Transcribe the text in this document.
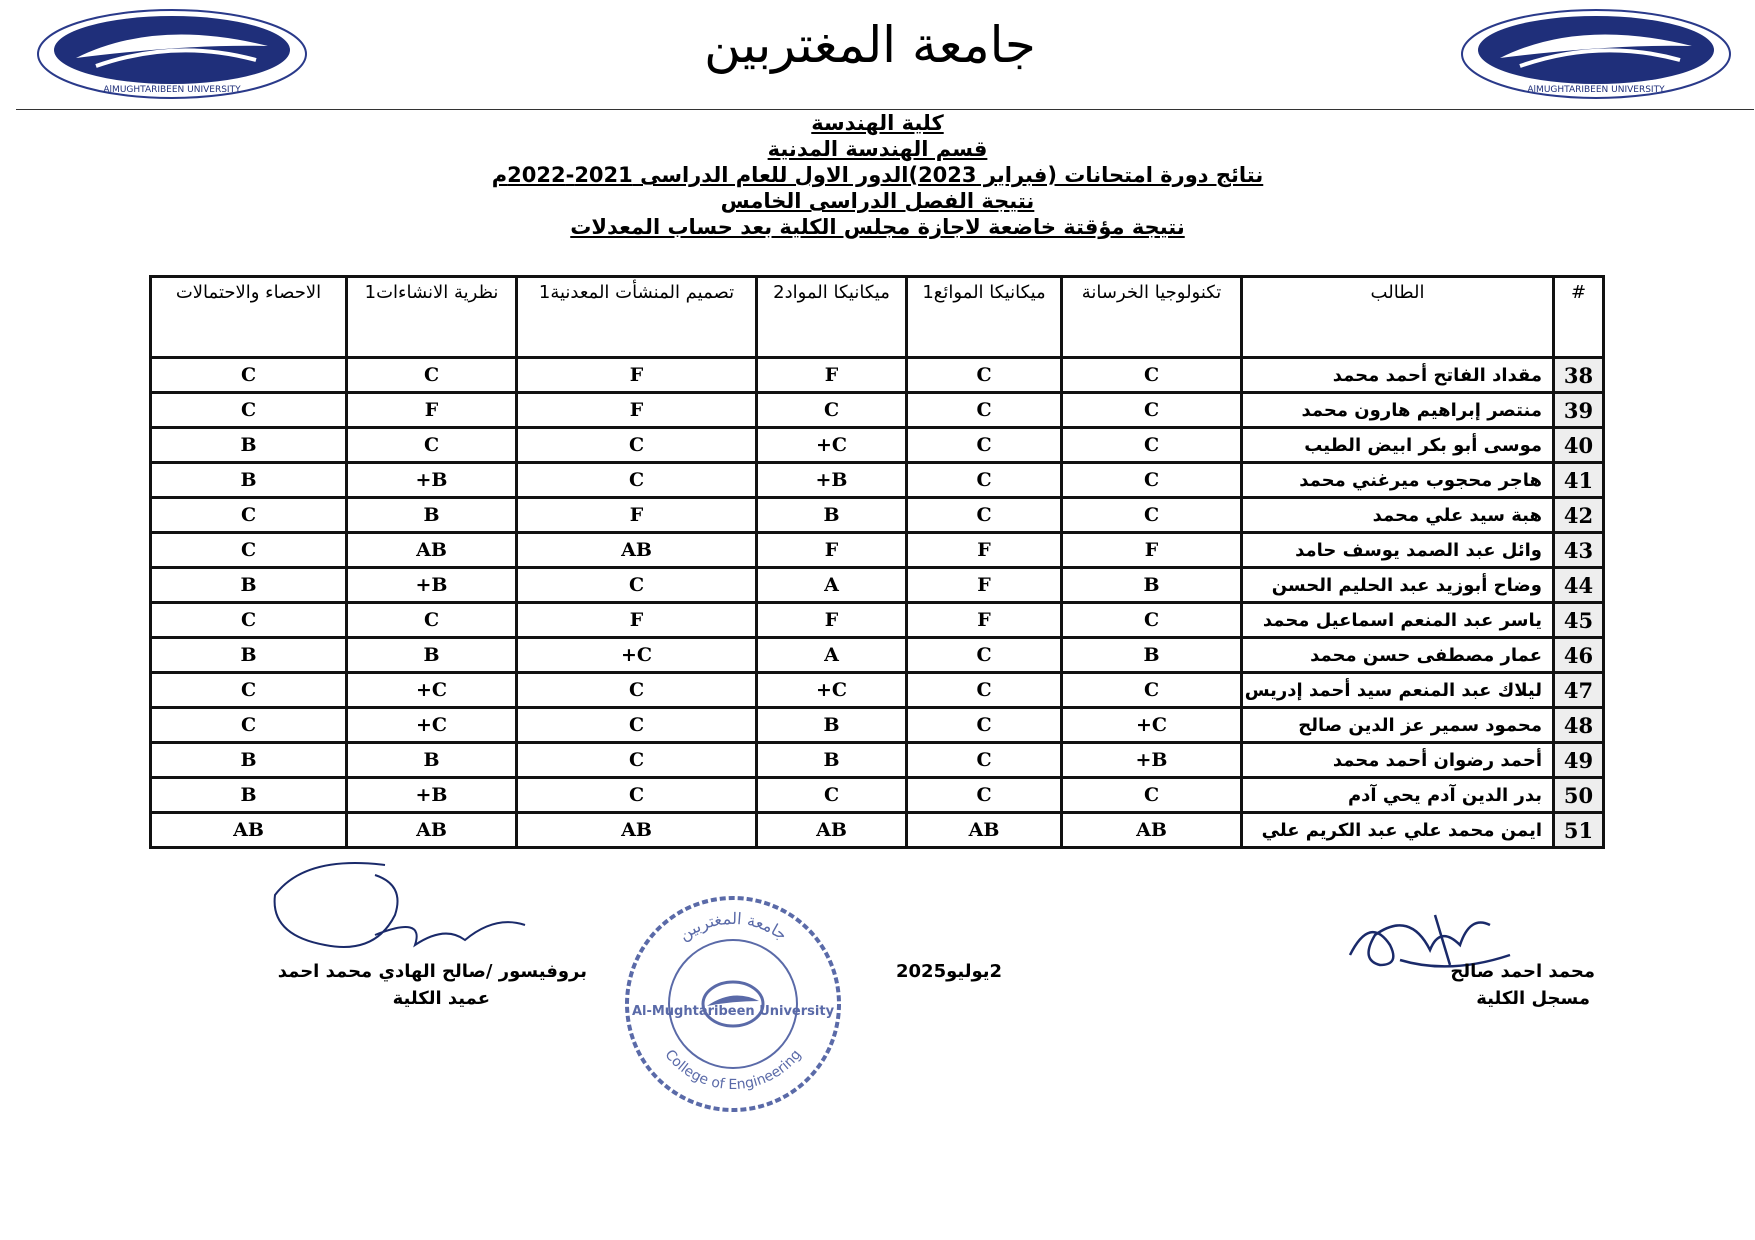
AlMUGHTARIBEEN UNIVERSITY	AlMUGHTARIBEEN UNIVERSITY
جامعة المغتربين
كلية الهندسة
قسم الهندسة المدنية
نتائج دورة امتحانات (فبراير 2023)الدور الاول للعام الدراسى 2021-2022م
نتيجة الفصل الدراسى الخامس
نتيجة مؤقتة خاضعة لاجازة مجلس الكلية بعد حساب المعدلات
#	الطالب	تكنولوجيا الخرسانة	ميكانيكا الموائع1	ميكانيكا المواد2	تصميم المنشأت المعدنية1	نظرية الانشاءات1	الاحصاء والاحتمالات
38	مقداد الفاتح أحمد محمد	C	C	F	F	C	C
39	منتصر إبراهيم هارون محمد	C	C	C	F	F	C
40	موسى أبو بكر ابيض الطيب	C	C	C+	C	C	B
41	هاجر محجوب ميرغني محمد	C	C	B+	C	B+	B
42	هبة سيد علي محمد	C	C	B	F	B	C
43	وائل عبد الصمد يوسف حامد	F	F	F	AB	AB	C
44	وضاح أبوزيد عبد الحليم الحسن	B	F	A	C	B+	B
45	ياسر عبد المنعم اسماعيل محمد	C	F	F	F	C	C
46	عمار مصطفى حسن محمد	B	C	A	C+	B	B
47	ليلاك عبد المنعم سيد أحمد إدريس	C	C	C+	C	C+	C
48	محمود سمير عز الدين صالح	C+	C	B	C	C+	C
49	أحمد رضوان أحمد محمد	B+	C	B	C	B	B
50	بدر الدين آدم يحي آدم	C	C	C	C	B+	B
51	ايمن محمد علي عبد الكريم علي	AB	AB	AB	AB	AB	AB
محمد احمد صالح
مسجل الكلية
2يوليو2025
بروفيسور /صالح الهادي محمد احمد
عميد الكلية
جامعة المغتربين
Al-Mughtaribeen University
College of Engineering
